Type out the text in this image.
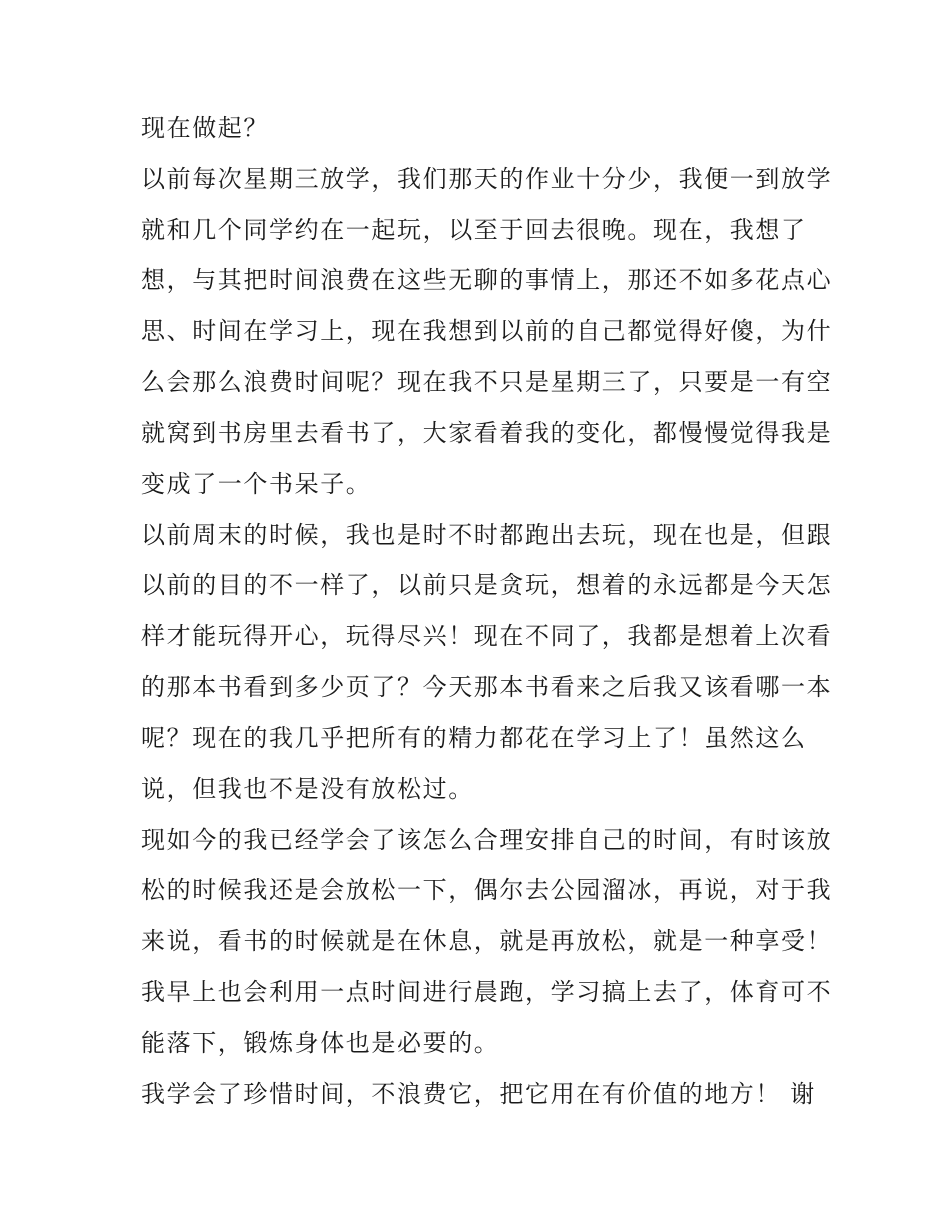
现在做起？
以前每次星期三放学，我们那天的作业十分少，我便一到放学
就和几个同学约在一起玩，以至于回去很晚。现在，我想了
想，与其把时间浪费在这些无聊的事情上，那还不如多花点心
思、时间在学习上，现在我想到以前的自己都觉得好傻，为什
么会那么浪费时间呢？现在我不只是星期三了，只要是一有空
就窝到书房里去看书了，大家看着我的变化，都慢慢觉得我是
变成了一个书呆子。
以前周末的时候，我也是时不时都跑出去玩，现在也是，但跟
以前的目的不一样了，以前只是贪玩，想着的永远都是今天怎
样才能玩得开心，玩得尽兴！现在不同了，我都是想着上次看
的那本书看到多少页了？今天那本书看来之后我又该看哪一本
呢？现在的我几乎把所有的精力都花在学习上了！虽然这么
说，但我也不是没有放松过。
现如今的我已经学会了该怎么合理安排自己的时间，有时该放
松的时候我还是会放松一下，偶尔去公园溜冰，再说，对于我
来说，看书的时候就是在休息，就是再放松，就是一种享受！
我早上也会利用一点时间进行晨跑，学习搞上去了，体育可不
能落下，锻炼身体也是必要的。
我学会了珍惜时间，不浪费它，把它用在有价值的地方！ 谢
